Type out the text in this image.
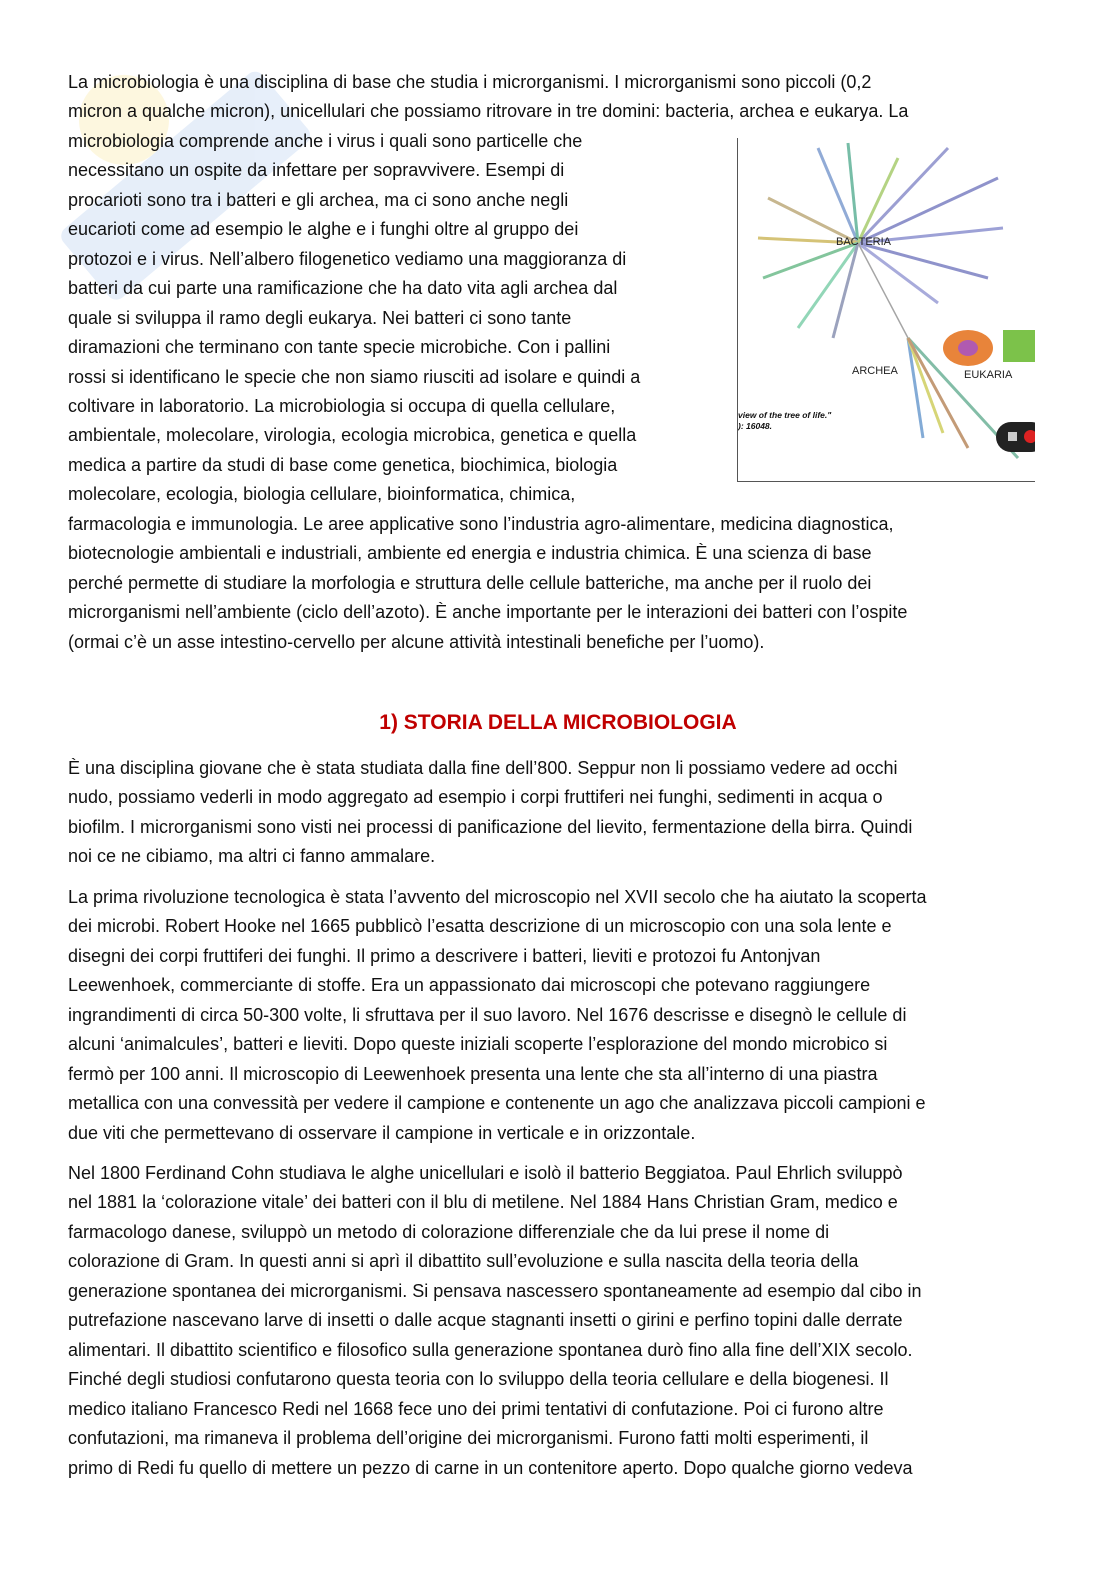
La microbiologia è una disciplina di base che studia i microrganismi. I microrganismi sono piccoli (0,2
micron a qualche micron), unicellulari che possiamo ritrovare in tre domini: bacteria, archea e eukarya. La
microbiologia comprende anche i virus i quali sono particelle che
necessitano un ospite da infettare per sopravvivere. Esempi di
procarioti sono tra i batteri e gli archea, ma ci sono anche negli
eucarioti come ad esempio le alghe e i funghi oltre al gruppo dei
protozoi e i virus. Nell’albero filogenetico vediamo una maggioranza di
batteri da cui parte una ramificazione che ha dato vita agli archea dal
quale si sviluppa il ramo degli eukarya. Nei batteri ci sono tante
diramazioni che terminano con tante specie microbiche. Con i pallini
rossi si identificano le specie che non siamo riusciti ad isolare e quindi a
coltivare in laboratorio. La microbiologia si occupa di quella cellulare,
ambientale, molecolare, virologia, ecologia microbica, genetica e quella
medica a partire da studi di base come genetica, biochimica, biologia
molecolare, ecologia, biologia cellulare, bioinformatica, chimica,
farmacologia e immunologia. Le aree applicative sono l’industria agro-alimentare, medicina diagnostica,
biotecnologie ambientali e industriali, ambiente ed energia e industria chimica. È una scienza di base
perché permette di studiare la morfologia e struttura delle cellule batteriche, ma anche per il ruolo dei
microrganismi nell’ambiente (ciclo dell’azoto). È anche importante per le interazioni dei batteri con l’ospite
(ormai c’è un asse intestino-cervello per alcune attività intestinali benefiche per l’uomo).
BACTERIA
ARCHEA	EUKARIA
view of the tree of life."
): 16048.
1) STORIA DELLA MICROBIOLOGIA
È una disciplina giovane che è stata studiata dalla fine dell’800. Seppur non li possiamo vedere ad occhi
nudo, possiamo vederli in modo aggregato ad esempio i corpi fruttiferi nei funghi, sedimenti in acqua o
biofilm. I microrganismi sono visti nei processi di panificazione del lievito, fermentazione della birra. Quindi
noi ce ne cibiamo, ma altri ci fanno ammalare.
La prima rivoluzione tecnologica è stata l’avvento del microscopio nel XVII secolo che ha aiutato la scoperta
dei microbi. Robert Hooke nel 1665 pubblicò l’esatta descrizione di un microscopio con una sola lente e
disegni dei corpi fruttiferi dei funghi. Il primo a descrivere i batteri, lieviti e protozoi fu Antonjvan
Leewenhoek, commerciante di stoffe. Era un appassionato dai microscopi che potevano raggiungere
ingrandimenti di circa 50-300 volte, li sfruttava per il suo lavoro. Nel 1676 descrisse e disegnò le cellule di
alcuni ‘animalcules’, batteri e lieviti. Dopo queste iniziali scoperte l’esplorazione del mondo microbico si
fermò per 100 anni. Il microscopio di Leewenhoek presenta una lente che sta all’interno di una piastra
metallica con una convessità per vedere il campione e contenente un ago che analizzava piccoli campioni e
due viti che permettevano di osservare il campione in verticale e in orizzontale.
Nel 1800 Ferdinand Cohn studiava le alghe unicellulari e isolò il batterio Beggiatoa. Paul Ehrlich sviluppò
nel 1881 la ‘colorazione vitale’ dei batteri con il blu di metilene. Nel 1884 Hans Christian Gram, medico e
farmacologo danese, sviluppò un metodo di colorazione differenziale che da lui prese il nome di
colorazione di Gram. In questi anni si aprì il dibattito sull’evoluzione e sulla nascita della teoria della
generazione spontanea dei microrganismi. Si pensava nascessero spontaneamente ad esempio dal cibo in
putrefazione nascevano larve di insetti o dalle acque stagnanti insetti o girini e perfino topini dalle derrate
alimentari. Il dibattito scientifico e filosofico sulla generazione spontanea durò fino alla fine dell’XIX secolo.
Finché degli studiosi confutarono questa teoria con lo sviluppo della teoria cellulare e della biogenesi. Il
medico italiano Francesco Redi nel 1668 fece uno dei primi tentativi di confutazione. Poi ci furono altre
confutazioni, ma rimaneva il problema dell’origine dei microrganismi. Furono fatti molti esperimenti, il
primo di Redi fu quello di mettere un pezzo di carne in un contenitore aperto. Dopo qualche giorno vedeva
